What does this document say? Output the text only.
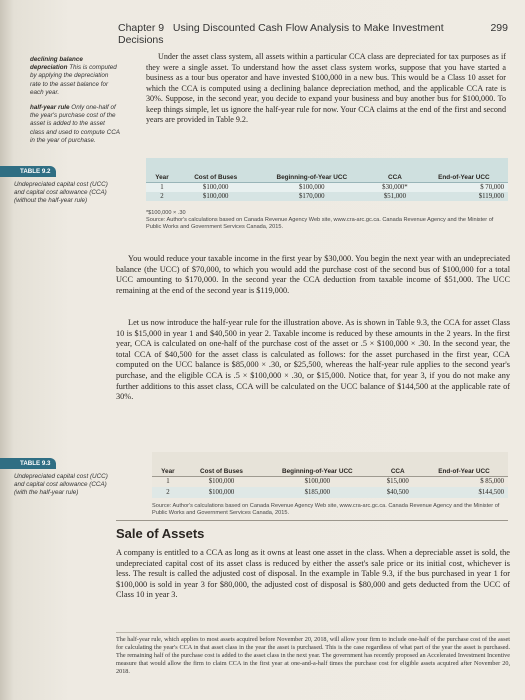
Chapter 9 Using Discounted Cash Flow Analysis to Make Investment Decisions
299
declining balance depreciation This is computed by applying the depreciation rate to the asset balance for each year.
half-year rule Only one-half of the year's purchase cost of the asset is added to the asset class and used to compute CCA in the year of purchase.

Under the asset class system, all assets within a particular CCA class are depreciated for tax purposes as if they were a single asset. To understand how the asset class system works, suppose that you have started a business as a tour bus operator and have invested $100,000 in a new bus. This would be a Class 10 asset for which the CCA is computed using a declining balance depreciation method, and the applicable CCA rate is 30%. Suppose, in the second year, you decide to expand your business and buy another bus for $100,000. To keep things simple, let us ignore the half-year rule for now. Your CCA claims at the end of the first and second years are provided in Table 9.2.

TABLE 9.2
Undepreciated capital cost (UCC) and capital cost allowance (CCA) (without the half-year rule)
Year	Cost of Buses	Beginning-of-Year UCC	CCA	End-of-Year UCC
1	$100,000	$100,000	$30,000*	$ 70,000
2	$100,000	$170,000	$51,000	$119,000
*$100,000 × .30
Source: Author's calculations based on Canada Revenue Agency Web site, www.cra-arc.gc.ca. Canada Revenue Agency and the Minister of Public Works and Government Services Canada, 2015.

You would reduce your taxable income in the first year by $30,000. You begin the next year with an undepreciated balance (the UCC) of $70,000, to which you would add the purchase cost of the second bus of $100,000 for a total UCC amounting to $170,000. In the second year the CCA deduction from taxable income of $51,000. The UCC remaining at the end of the second year is $119,000.

Let us now introduce the half-year rule for the illustration above. As is shown in Table 9.3, the CCA for asset Class 10 is $15,000 in year 1 and $40,500 in year 2. Taxable income is reduced by these amounts in the 2 years. In the first year, CCA is calculated on one-half of the purchase cost of the asset or .5 × $100,000 × .30. In the second year, the total CCA of $40,500 for the asset class is calculated as follows: for the asset purchased in the first year, CCA computed on the UCC balance is $85,000 × .30, or $25,500, whereas the half-year rule applies to the second year's purchase, and the eligible CCA is .5 × $100,000 × .30, or $15,000. Notice that, for year 3, if you do not make any further additions to this asset class, CCA will be calculated on the UCC balance of $144,500 at the applicable rate of 30%.

TABLE 9.3
Undepreciated capital cost (UCC) and capital cost allowance (CCA) (with the half-year rule)
Year	Cost of Buses	Beginning-of-Year UCC	CCA	End-of-Year UCC
1	$100,000	$100,000	$15,000	$ 85,000
2	$100,000	$185,000	$40,500	$144,500
Source: Author's calculations based on Canada Revenue Agency Web site, www.cra-arc.gc.ca. Canada Revenue Agency and the Minister of Public Works and Government Services Canada, 2015.
Sale of Assets

A company is entitled to a CCA as long as it owns at least one asset in the class. When a depreciable asset is sold, the undepreciated capital cost of its asset class is reduced by either the asset's sale price or its initial cost, whichever is less. The result is called the adjusted cost of disposal. In the example in Table 9.3, if the bus purchased in year 1 for $100,000 is sold in year 3 for $80,000, the adjusted cost of disposal is $80,000 and gets deducted from the UCC of Class 10 in year 3.

The half-year rule, which applies to most assets acquired before November 20, 2018, will allow your firm to include one-half of the purchase cost of the asset for calculating the year's CCA in that asset class in the year the asset is purchased. This is the case regardless of what part of the year the asset is purchased. The remaining half of the purchase cost is added to the asset class in the next year. The government has recently proposed an Accelerated Investment Incentive measure that would allow the firm to claim CCA in the first year at one-and-a-half times the purchase cost for eligible assets acquired after November 20, 2018.
